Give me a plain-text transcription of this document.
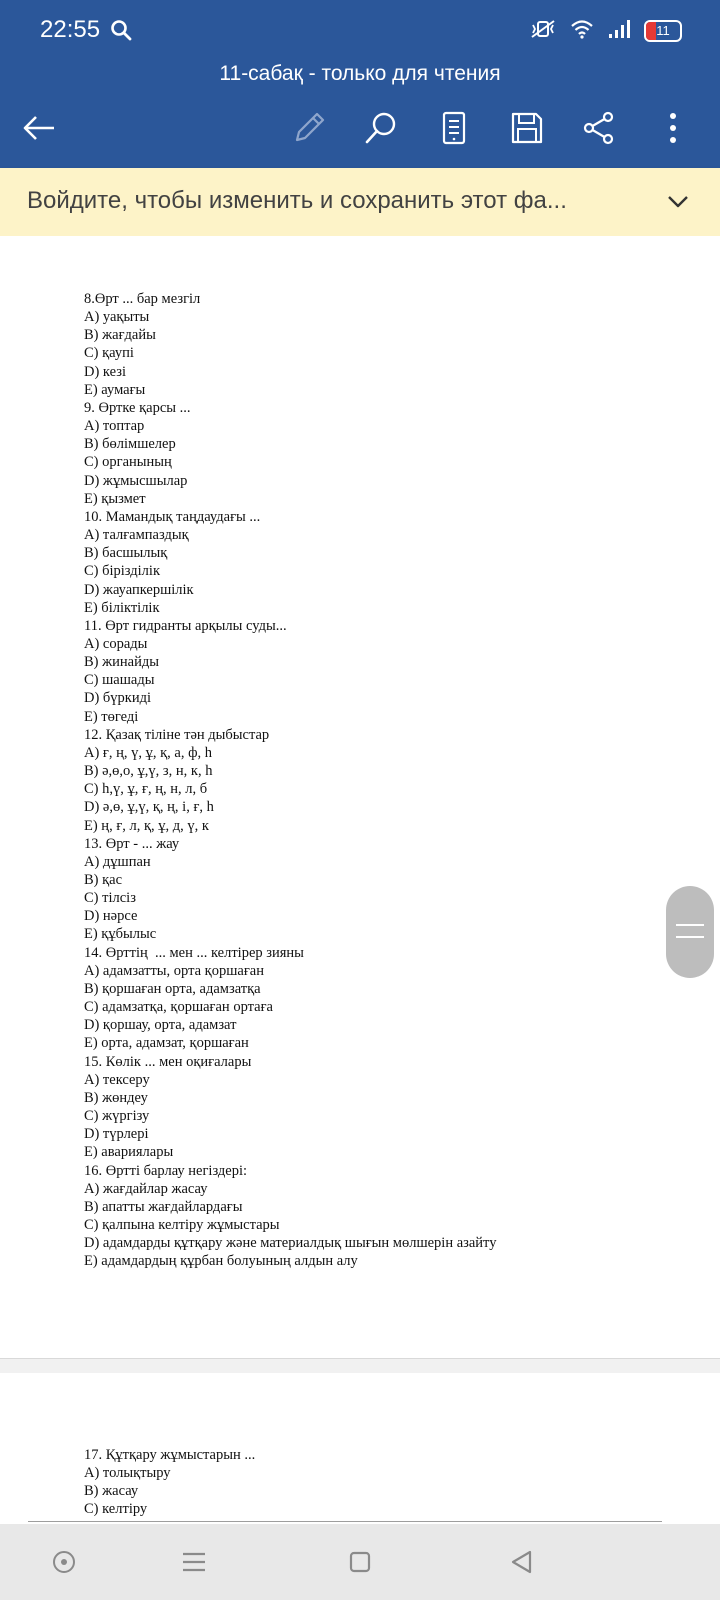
22:55	11
11-сабақ - только для чтения
Войдите, чтобы изменить и сохранить этот фа...
8.Өрт ... бар мезгіл
A) уақыты
B) жағдайы
C) қаупі
D) кезі
E) аумағы
9. Өртке қарсы ...
A) топтар
B) бөлімшелер
C) органының
D) жұмысшылар
E) қызмет
10. Мамандық таңдаудағы ...
A) талғампаздық
B) басшылық
C) бірізділік
D) жауапкершілік
E) біліктілік
11. Өрт гидранты арқылы суды...
A) сорады
B) жинайды
C) шашады
D) бүркиді
E) төгеді
12. Қазақ тіліне тән дыбыстар
A) ғ, ң, ү, ұ, қ, а, ф, һ
B) ә,ө,о, ұ,ү, з, н, к, һ
C) һ,ү, ұ, ғ, ң, н, л, б
D) ә,ө, ұ,ү, қ, ң, і, ғ, һ
E) ң, ғ, л, қ, ұ, д, ү, к
13. Өрт - ... жау
A) дұшпан
B) қас
C) тілсіз
D) нәрсе
E) құбылыс
14. Өрттің  ... мен ... келтірер зияны
A) адамзатты, орта қоршаған
B) қоршаған орта, адамзатқа
C) адамзатқа, қоршаған ортаға
D) қоршау, орта, адамзат
E) орта, адамзат, қоршаған
15. Көлік ... мен оқиғалары
A) тексеру
B) жөндеу
C) жүргізу
D) түрлері
E) авариялары
16. Өртті барлау негіздері:
A) жағдайлар жасау
B) апатты жағдайлардағы
C) қалпына келтіру жұмыстары
D) адамдарды құтқару және материалдық шығын мөлшерін азайту
E) адамдардың құрбан болуының алдын алу
17. Құтқару жұмыстарын ...
A) толықтыру
B) жасау
C) келтіру
